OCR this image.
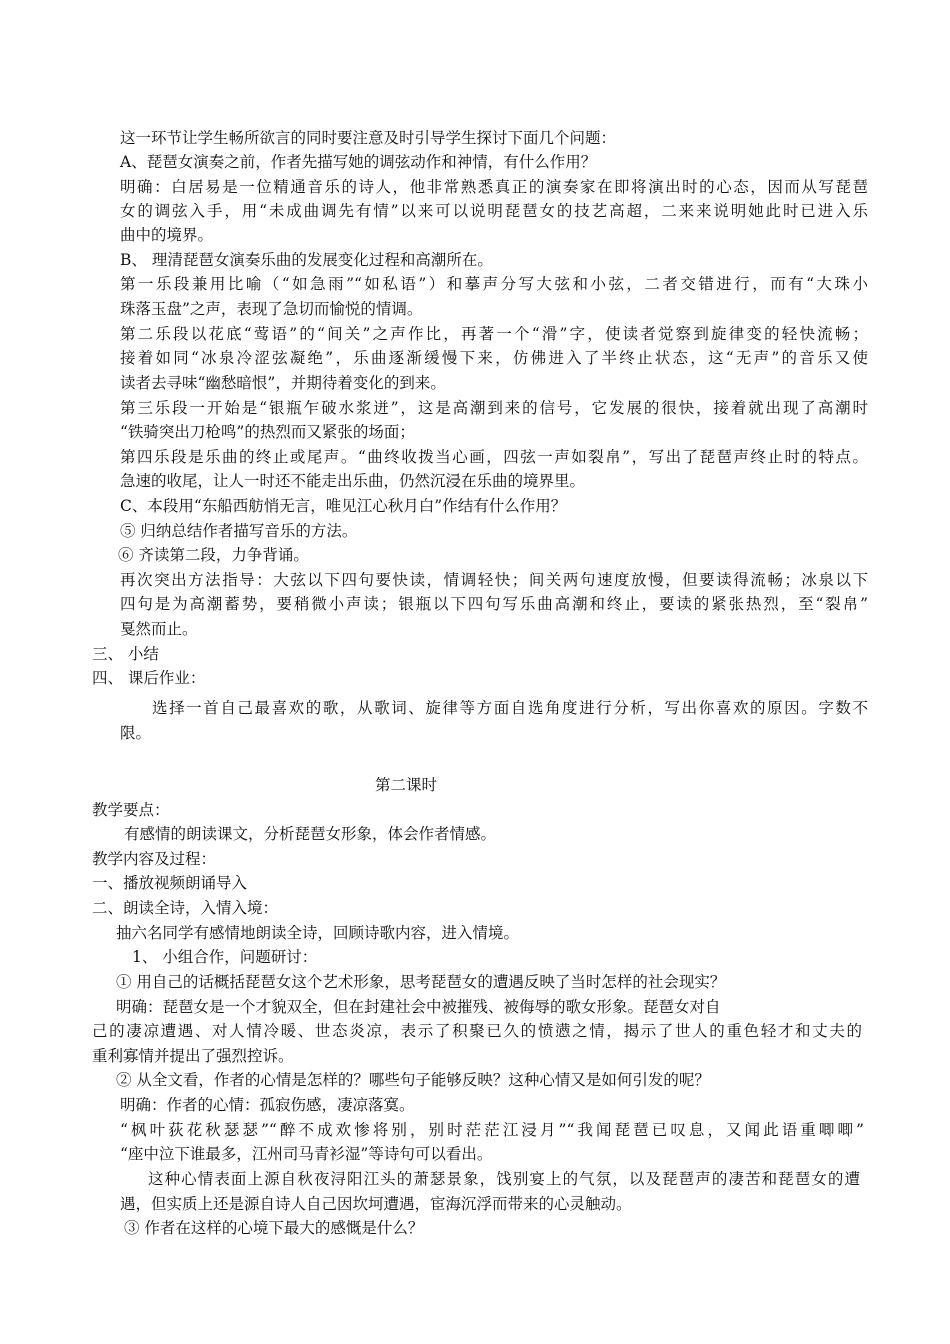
这一环节让学生畅所欲言的同时要注意及时引导学生探讨下面几个问题：
A、琵琶女演奏之前，作者先描写她的调弦动作和神情，有什么作用？
明确：白居易是一位精通音乐的诗人，他非常熟悉真正的演奏家在即将演出时的心态，因而从写琵琶
女的调弦入手，用“未成曲调先有情”以来可以说明琵琶女的技艺高超，二来来说明她此时已进入乐
曲中的境界。
B、 理清琵琶女演奏乐曲的发展变化过程和高潮所在。
第一乐段兼用比喻（“如急雨”“如私语”）和摹声分写大弦和小弦，二者交错进行，而有“大珠小
珠落玉盘”之声，表现了急切而愉悦的情调。
第二乐段以花底“莺语”的“间关”之声作比，再著一个“滑”字，使读者觉察到旋律变的轻快流畅；
接着如同“冰泉冷涩弦凝绝”，乐曲逐渐缓慢下来，仿佛进入了半终止状态，这“无声”的音乐又使
读者去寻味“幽愁暗恨”，并期待着变化的到来。
第三乐段一开始是“银瓶乍破水浆迸”，这是高潮到来的信号，它发展的很快，接着就出现了高潮时
“铁骑突出刀枪鸣”的热烈而又紧张的场面；
第四乐段是乐曲的终止或尾声。“曲终收拨当心画，四弦一声如裂帛”，写出了琵琶声终止时的特点。
急速的收尾，让人一时还不能走出乐曲，仍然沉浸在乐曲的境界里。
C、本段用“东船西舫悄无言，唯见江心秋月白”作结有什么作用？
⑤ 归纳总结作者描写音乐的方法。
⑥ 齐读第二段，力争背诵。
再次突出方法指导：大弦以下四句要快读，情调轻快；间关两句速度放慢，但要读得流畅；冰泉以下
四句是为高潮蓄势，要稍微小声读；银瓶以下四句写乐曲高潮和终止，要读的紧张热烈，至“裂帛”
戛然而止。
三、 小结
四、 课后作业：
选择一首自己最喜欢的歌，从歌词、旋律等方面自选角度进行分析，写出你喜欢的原因。字数不
限。
第二课时
教学要点：
有感情的朗读课文，分析琵琶女形象，体会作者情感。
教学内容及过程：
一、播放视频朗诵导入
二、朗读全诗，入情入境：
抽六名同学有感情地朗读全诗，回顾诗歌内容，进入情境。
1、 小组合作，问题研讨：
① 用自己的话概括琵琶女这个艺术形象，思考琵琶女的遭遇反映了当时怎样的社会现实？
明确：琵琶女是一个才貌双全，但在封建社会中被摧残、被侮辱的歌女形象。琵琶女对自
己的凄凉遭遇、对人情冷暖、世态炎凉，表示了积聚已久的愤懑之情，揭示了世人的重色轻才和丈夫的
重利寡情并提出了强烈控诉。
② 从全文看，作者的心情是怎样的？哪些句子能够反映？这种心情又是如何引发的呢？
明确：作者的心情：孤寂伤感，凄凉落寞。
“枫叶荻花秋瑟瑟”“醉不成欢惨将别，别时茫茫江浸月”“我闻琵琶已叹息，又闻此语重唧唧”
“座中泣下谁最多，江州司马青衫湿”等诗句可以看出。
这种心情表面上源自秋夜浔阳江头的萧瑟景象，饯别宴上的气氛，以及琵琶声的凄苦和琵琶女的遭
遇，但实质上还是源自诗人自己因坎坷遭遇，宦海沉浮而带来的心灵触动。
③ 作者在这样的心境下最大的感慨是什么？
